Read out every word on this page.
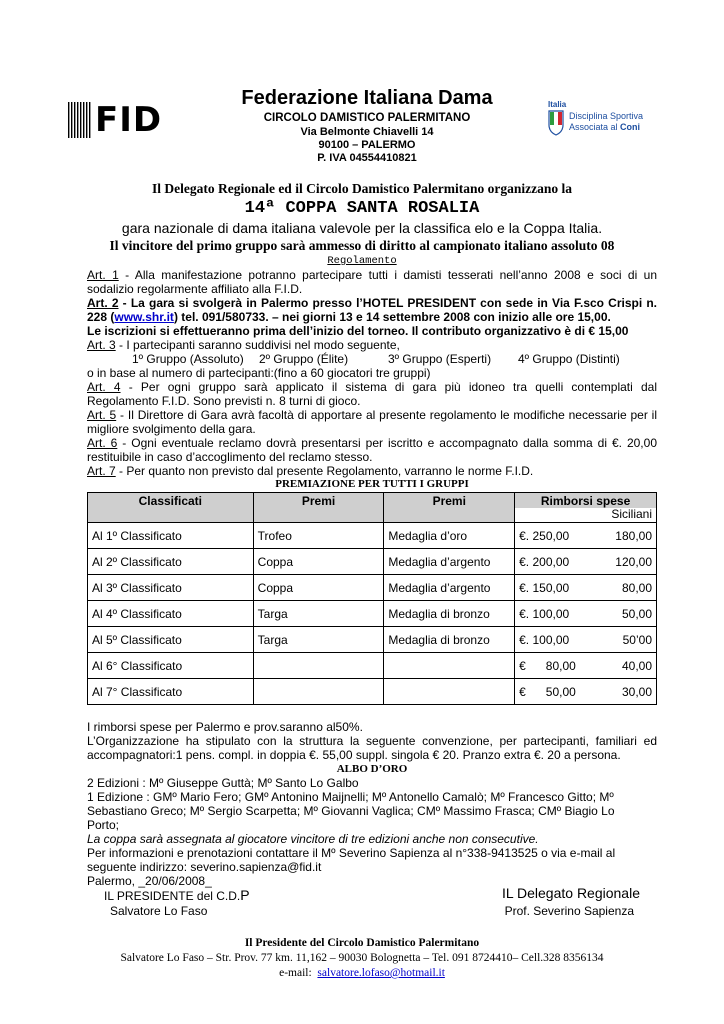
FID
Federazione Italiana Dama
CIRCOLO DAMISTICO PALERMITANO
Via Belmonte Chiavelli 14
90100 – PALERMO
P. IVA 04554410821
Italia
Disciplina Sportiva
Associata al Coni
Il Delegato Regionale ed il Circolo Damistico Palermitano organizzano la
14ª COPPA SANTA ROSALIA
gara nazionale di dama italiana valevole per la classifica elo e la Coppa Italia.
Il vincitore del primo gruppo sarà ammesso di diritto al campionato italiano assoluto 08
Regolamento
Art. 1 - Alla manifestazione potranno partecipare tutti i damisti tesserati nell’anno 2008 e soci di un
sodalizio regolarmente affiliato alla F.I.D.
Art. 2 - La gara si svolgerà in Palermo presso l’HOTEL PRESIDENT con sede in Via F.sco Crispi n.
228 (www.shr.it) tel. 091/580733. – nei giorni 13 e 14 settembre 2008 con inizio alle ore 15,00.
Le iscrizioni si effettueranno prima dell’inizio del torneo. Il contributo organizzativo è di € 15,00
Art. 3 - I partecipanti saranno suddivisi nel modo seguente,
1º Gruppo (Assoluto) 2º Gruppo (Élite)	3º Gruppo (Esperti) 4º Gruppo (Distinti)
o in base al numero di partecipanti:(fino a 60 giocatori tre gruppi)
Art. 4 - Per ogni gruppo sarà applicato il sistema di gara più idoneo tra quelli contemplati dal
Regolamento F.I.D. Sono previsti n. 8 turni di gioco.
Art. 5 - Il Direttore di Gara avrà facoltà di apportare al presente regolamento le modifiche necessarie per il
migliore svolgimento della gara.
Art. 6 - Ogni eventuale reclamo dovrà presentarsi per iscritto e accompagnato dalla somma di €. 20,00
restituibile in caso d’accoglimento del reclamo stesso.
Art. 7 - Per quanto non previsto dal presente Regolamento, varranno le norme F.I.D.
PREMIAZIONE PER TUTTI I GRUPPI
Classificati	Premi	Premi	Rimborsi spese
Siciliani

Al 1º Classificato	Trofeo	Medaglia d’oro	€. 250,00 180,00

Al 2º Classificato	Coppa	Medaglia d’argento	€. 200,00 120,00

Al 3º Classificato	Coppa	Medaglia d’argento	€. 150,00 80,00

Al 4º Classificato	Targa	Medaglia di bronzo	€. 100,00 50,00

Al 5º Classificato	Targa	Medaglia di bronzo	€. 100,00 50’00

Al 6° Classificato			€      80,00 40,00

Al 7° Classificato			€      50,00 30,00
I rimborsi spese per Palermo e prov.saranno al50%.
L’Organizzazione ha stipulato con la struttura la seguente convenzione, per partecipanti, familiari ed
accompagnatori:1 pens. compl. in doppia €. 55,00 suppl. singola € 20. Pranzo extra €. 20 a persona.
ALBO D’ORO
2 Edizioni : Mº Giuseppe Guttà; Mº Santo Lo Galbo
1 Edizione : GMº Mario Fero; GMº Antonino Maijnelli; Mº Antonello Camalò; Mº Francesco Gitto; Mº
Sebastiano Greco; Mº Sergio Scarpetta; Mº Giovanni Vaglica; CMº Massimo Frasca; CMº Biagio Lo
Porto;
La coppa sarà assegnata al giocatore vincitore di tre edizioni anche non consecutive.
Per informazioni e prenotazioni contattare il Mº Severino Sapienza al n°338-9413525 o via e-mail al
seguente indirizzo: severino.sapienza@fid.it
Palermo, _20/06/2008_
IL PRESIDENTE del C.D.P
Salvatore Lo Faso
IL Delegato Regionale
Prof. Severino Sapienza
Il Presidente del Circolo Damistico Palermitano
Salvatore Lo Faso – Str. Prov. 77 km. 11,162 – 90030 Bolognetta – Tel. 091 8724410– Cell.328 8356134
e-mail: salvatore.lofaso@hotmail.it
